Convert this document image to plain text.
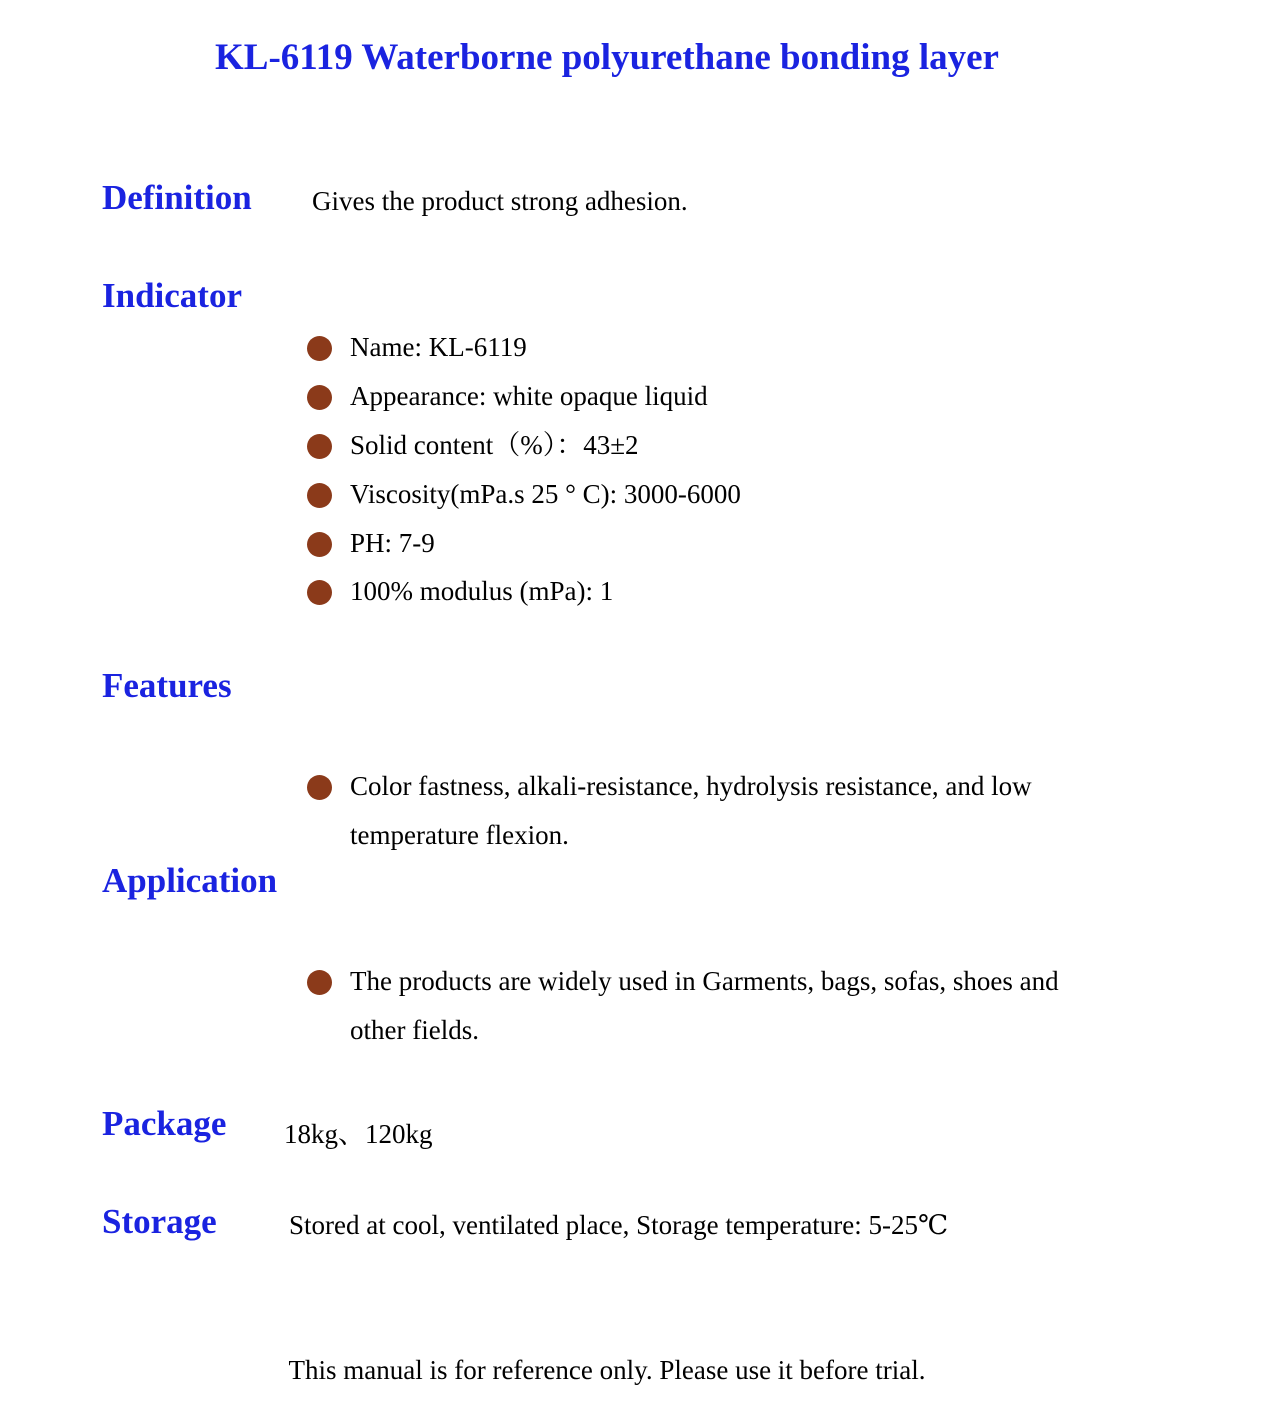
KL-6119 Waterborne polyurethane bonding layer
Definition Gives the product strong adhesion.
Indicator
Name: KL-6119
Appearance: white opaque liquid
Solid content（%）：43±2
Viscosity(mPa.s 25 ° C): 3000-6000
PH: 7-9
100% modulus (mPa): 1
Features
Color fastness, alkali-resistance, hydrolysis resistance, and low temperature flexion.
Application
The products are widely used in Garments, bags, sofas, shoes and other fields.
Package 18kg、120kg
Storage	Stored at cool, ventilated place, Storage temperature: 5-25℃
This manual is for reference only. Please use it before trial.
